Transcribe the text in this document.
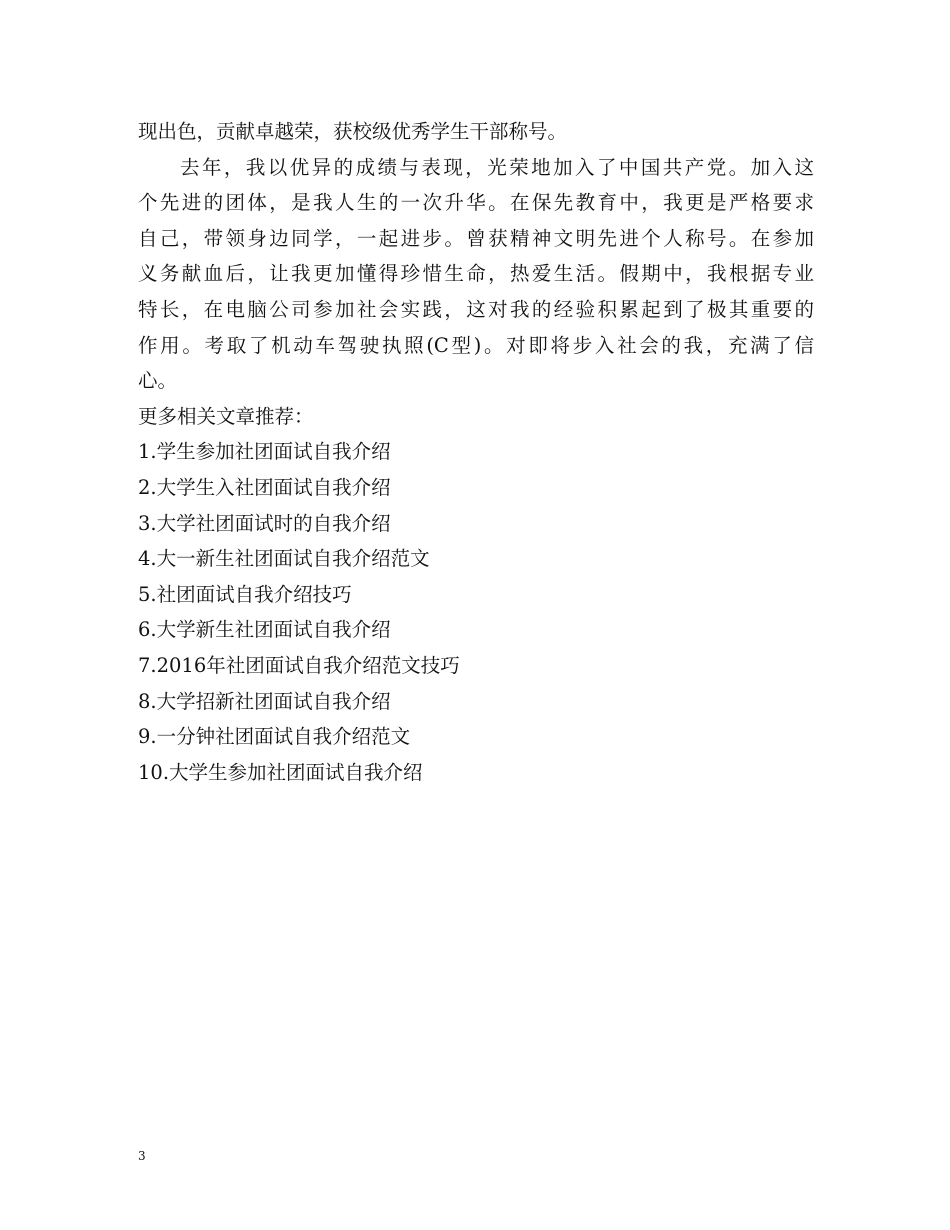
现出色，贡献卓越荣，获校级优秀学生干部称号。
去年，我以优异的成绩与表现，光荣地加入了中国共产党。加入这
个先进的团体，是我人生的一次升华。在保先教育中，我更是严格要求
自己，带领身边同学，一起进步。曾获精神文明先进个人称号。在参加
义务献血后，让我更加懂得珍惜生命，热爱生活。假期中，我根据专业
特长，在电脑公司参加社会实践，这对我的经验积累起到了极其重要的
作用。考取了机动车驾驶执照(C型)。对即将步入社会的我，充满了信
心。
更多相关文章推荐：
1.学生参加社团面试自我介绍
2.大学生入社团面试自我介绍
3.大学社团面试时的自我介绍
4.大一新生社团面试自我介绍范文
5.社团面试自我介绍技巧
6.大学新生社团面试自我介绍
7.2016年社团面试自我介绍范文技巧
8.大学招新社团面试自我介绍
9.一分钟社团面试自我介绍范文
10.大学生参加社团面试自我介绍
3
